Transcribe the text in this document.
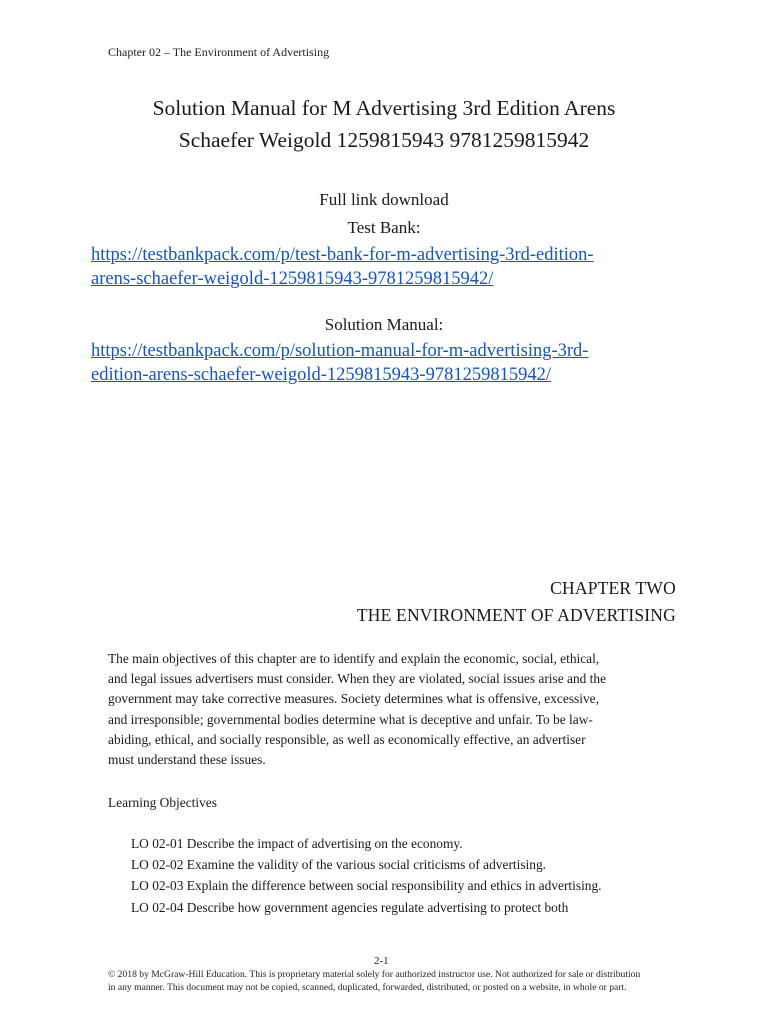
Chapter 02 – The Environment of Advertising
Solution Manual for M Advertising 3rd Edition Arens
Schaefer Weigold 1259815943 9781259815942
Full link download
Test Bank:
https://testbankpack.com/p/test-bank-for-m-advertising-3rd-edition-
arens-schaefer-weigold-1259815943-9781259815942/
Solution Manual:
https://testbankpack.com/p/solution-manual-for-m-advertising-3rd-
edition-arens-schaefer-weigold-1259815943-9781259815942/
CHAPTER TWO
THE ENVIRONMENT OF ADVERTISING
The main objectives of this chapter are to identify and explain the economic, social, ethical,
and legal issues advertisers must consider. When they are violated, social issues arise and the
government may take corrective measures. Society determines what is offensive, excessive,
and irresponsible; governmental bodies determine what is deceptive and unfair. To be law-
abiding, ethical, and socially responsible, as well as economically effective, an advertiser
must understand these issues.
Learning Objectives
LO 02-01 Describe the impact of advertising on the economy.
LO 02-02 Examine the validity of the various social criticisms of advertising.
LO 02-03 Explain the difference between social responsibility and ethics in advertising.
LO 02-04 Describe how government agencies regulate advertising to protect both
2-1
© 2018 by McGraw-Hill Education. This is proprietary material solely for authorized instructor use. Not authorized for sale or distribution
in any manner. This document may not be copied, scanned, duplicated, forwarded, distributed, or posted on a website, in whole or part.
